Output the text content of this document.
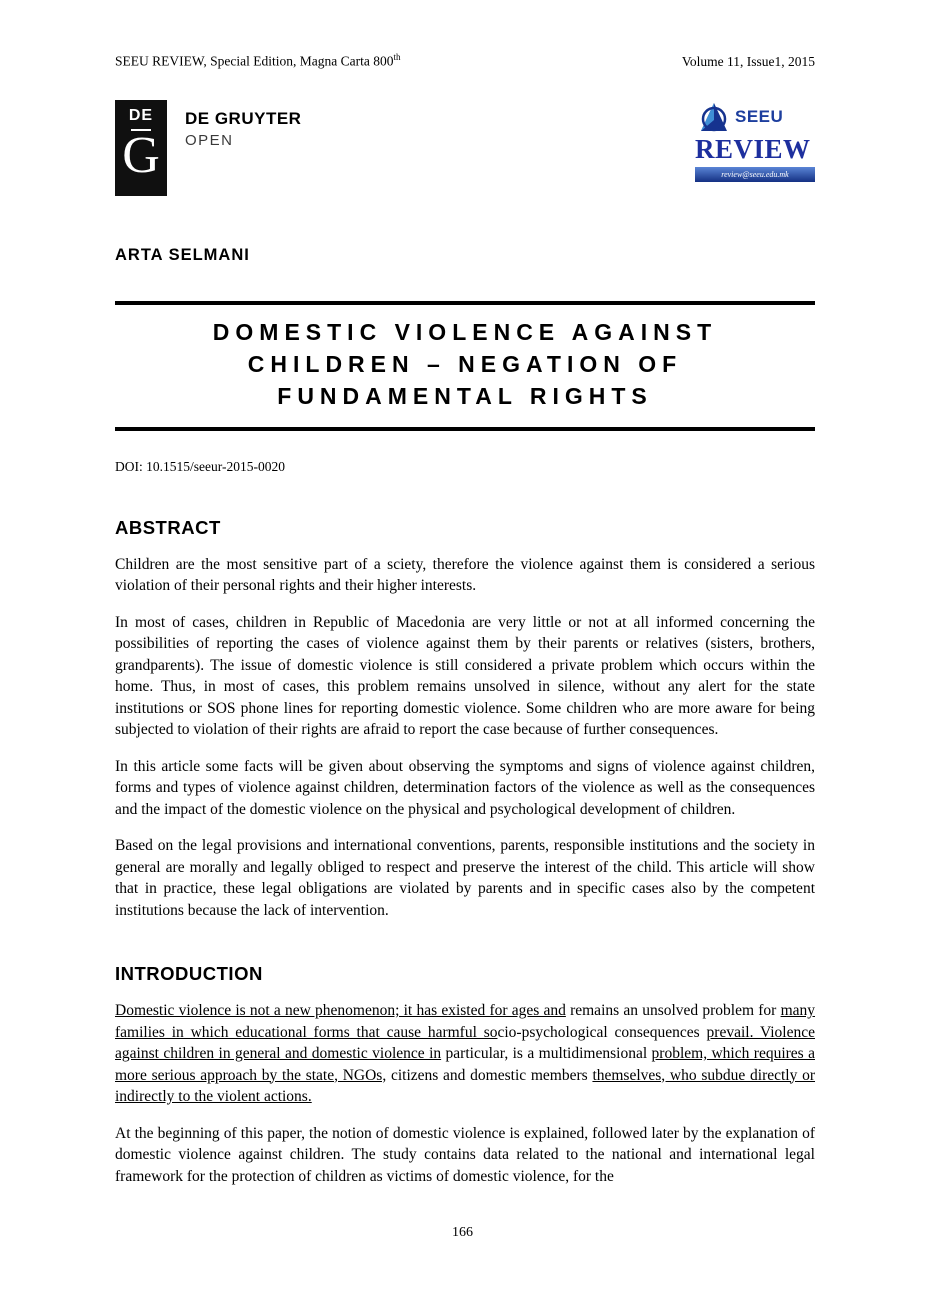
SEEU REVIEW, Special Edition, Magna Carta 800th	Volume 11, Issue1, 2015
DE
G
DE GRUYTER
OPEN
SEEU
REVIEW
review@seeu.edu.mk
ARTA SELMANI
DOMESTIC VIOLENCE AGAINST
CHILDREN – NEGATION OF
FUNDAMENTAL RIGHTS
DOI: 10.1515/seeur-2015-0020
ABSTRACT

Children are the most sensitive part of a sciety, therefore the violence against them is considered a serious violation of their personal rights and their higher interests.

In most of cases, children in Republic of Macedonia are very little or not at all informed concerning the possibilities of reporting the cases of violence against them by their parents or relatives (sisters, brothers, grandparents). The issue of domestic violence is still considered a private problem which occurs within the home. Thus, in most of cases, this problem remains unsolved in silence, without any alert for the state institutions or SOS phone lines for reporting domestic violence. Some children who are more aware for being subjected to violation of their rights are afraid to report the case because of further consequences.

In this article some facts will be given about observing the symptoms and signs of violence against children, forms and types of violence against children, determination factors of the violence as well as the consequences and the impact of the domestic violence on the physical and psychological development of children.

Based on the legal provisions and international conventions, parents, responsible institutions and the society in general are morally and legally obliged to respect and preserve the interest of the child. This article will show that in practice, these legal obligations are violated by parents and in specific cases also by the competent institutions because the lack of intervention.

INTRODUCTION

Domestic violence is not a new phenomenon; it has existed for ages and remains an unsolved problem for many families in which educational forms that cause harmful socio-psychological consequences prevail. Violence against children in general and domestic violence in particular, is a multidimensional problem, which requires a more serious approach by the state, NGOs, citizens and domestic members themselves, who subdue directly or indirectly to the violent actions.

At the beginning of this paper, the notion of domestic violence is explained, followed later by the explanation of domestic violence against children. The study contains data related to the national and international legal framework for the protection of children as victims of domestic violence, for the

166
